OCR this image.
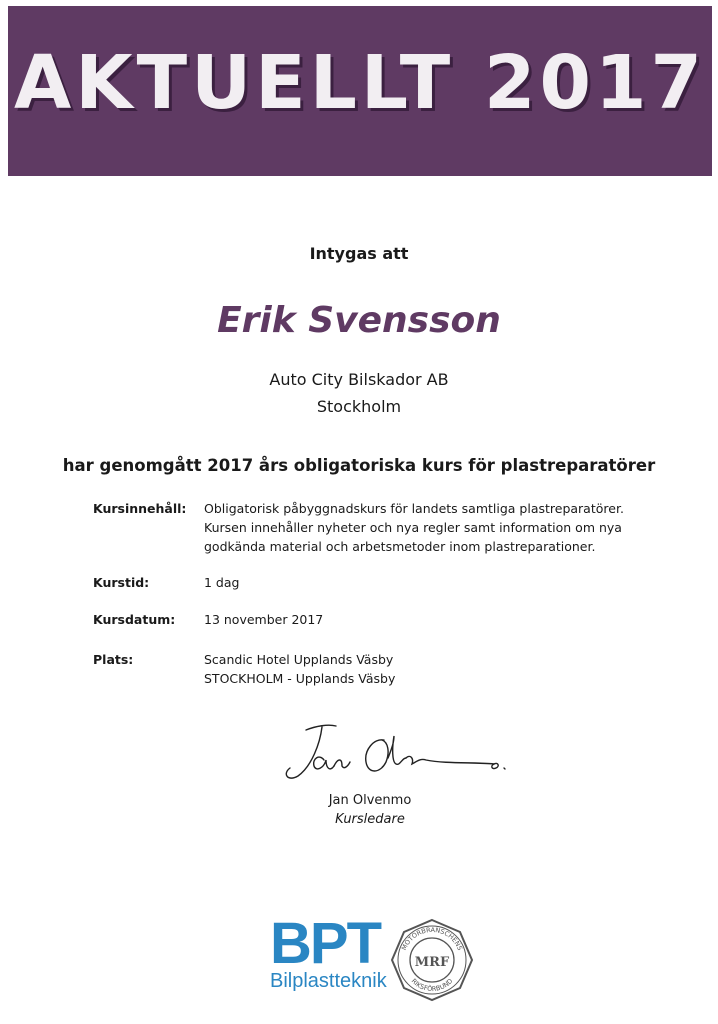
AKTUELLT 2017
Intygas att
Erik Svensson
Auto City Bilskador AB
Stockholm
har genomgått 2017 års obligatoriska kurs för plastreparatörer
Kursinnehåll:	Obligatorisk påbyggnadskurs för landets samtliga plastreparatörer.
Kursen innehåller nyheter och nya regler samt information om nya
godkända material och arbetsmetoder inom plastreparationer.
Kurstid:	1 dag
Kursdatum:	13 november 2017
Plats:	Scandic Hotel Upplands Väsby
STOCKHOLM - Upplands Väsby
Jan Olvenmo
Kursledare
BPT
Bilplastteknik
MOTORBRANSCHENS
RIKSFÖRBUND
MRF
